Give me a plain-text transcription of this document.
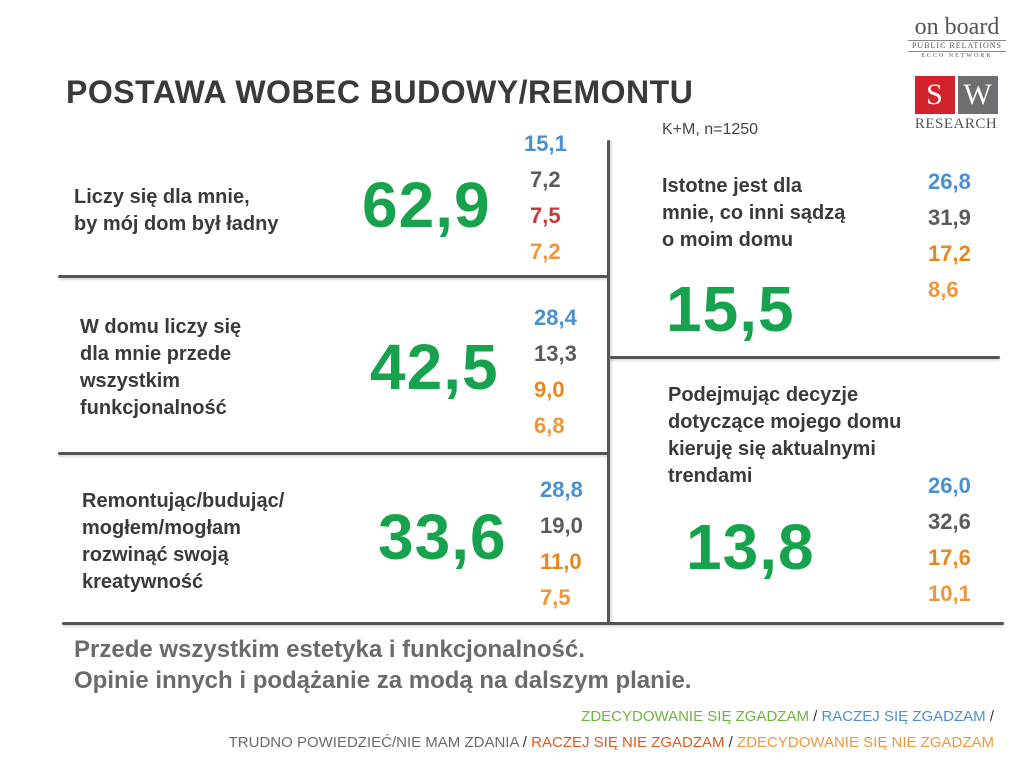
POSTAWA WOBEC BUDOWY/REMONTU
K+M, n=1250
on board
PUBLIC RELATIONS
ECCO NETWORK
S W
RESEARCH
Liczy się dla mnie,
by mój dom był ładny 62,9
15,1
7,2
7,5
7,2
W domu liczy się
dla mnie przede
wszystkim
funkcjonalność
42,5
28,4
13,3
9,0
6,8
Remontując/budując/
mogłem/mogłam
rozwinąć swoją
kreatywność
33,6
28,8
19,0
11,0
7,5
Istotne jest dla
mnie, co inni sądzą
o moim domu
15,5
26,8
31,9
17,2
8,6
Podejmując decyzje
dotyczące mojego domu
kieruję się aktualnymi
trendami
13,8
26,0
32,6
17,6
10,1
Przede wszystkim estetyka i funkcjonalność.
Opinie innych i podążanie za modą na dalszym planie.
ZDECYDOWANIE SIĘ ZGADZAM / RACZEJ SIĘ ZGADZAM /
TRUDNO POWIEDZIEĆ/NIE MAM ZDANIA / RACZEJ SIĘ NIE ZGADZAM / ZDECYDOWANIE SIĘ NIE ZGADZAM
